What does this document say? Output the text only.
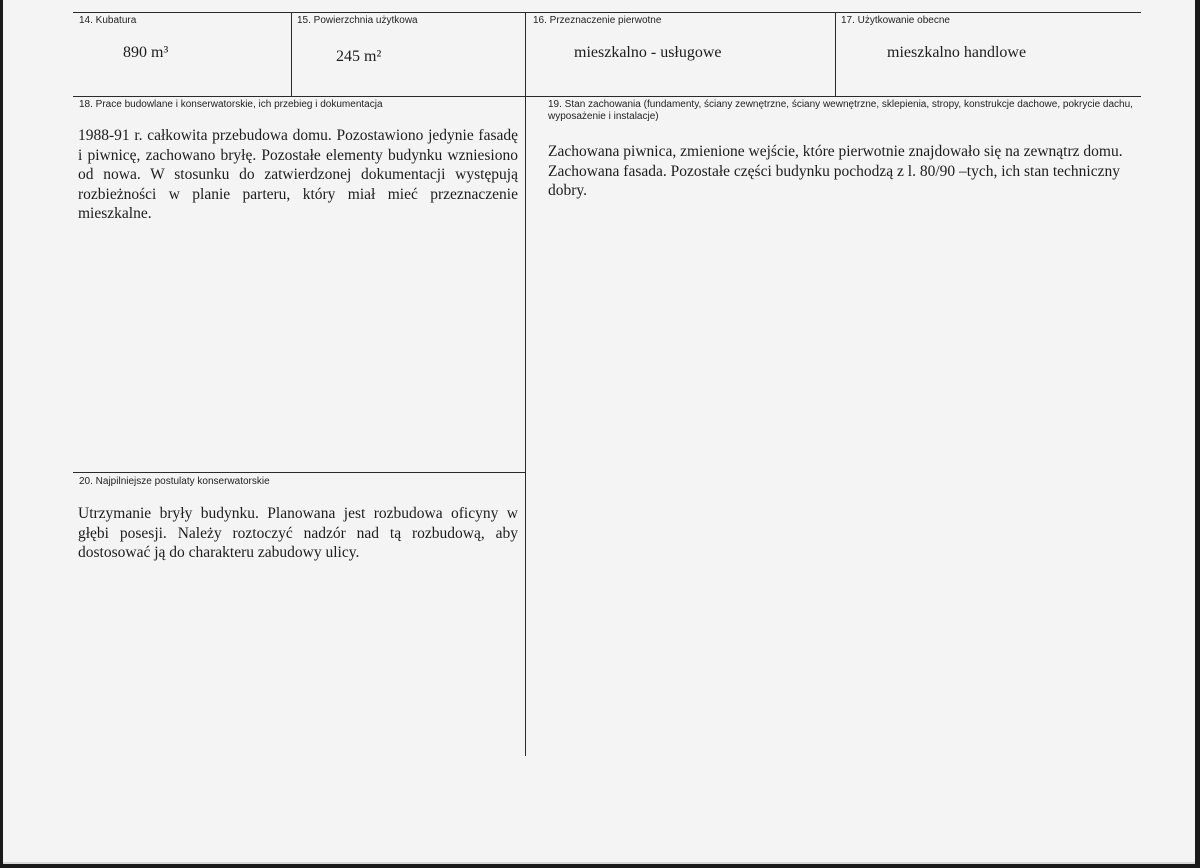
14. Kubatura
890 m³
15. Powierzchnia użytkowa
245 m²
16. Przeznaczenie pierwotne
mieszkalno - usługowe
17. Użytkowanie obecne
mieszkalno handlowe
18. Prace budowlane i konserwatorskie, ich przebieg i dokumentacja
1988-91 r. całkowita przebudowa domu. Pozostawiono jedynie fasadę i piwnicę, zachowano bryłę. Pozostałe elementy budynku wzniesiono od nowa. W stosunku do zatwierdzonej dokumentacji występują rozbieżności w planie parteru, który miał mieć przeznaczenie mieszkalne.
19. Stan zachowania (fundamenty, ściany zewnętrzne, ściany wewnętrzne, sklepienia, stropy, konstrukcje dachowe, pokrycie dachu, wyposażenie i instalacje)
Zachowana piwnica, zmienione wejście, które pierwotnie znajdowało się na zewnątrz domu. Zachowana fasada. Pozostałe części budynku pochodzą z l. 80/90 –tych, ich stan techniczny dobry.
20. Najpilniejsze postulaty konserwatorskie
Utrzymanie bryły budynku. Planowana jest rozbudowa oficyny w głębi posesji. Należy roztoczyć nadzór nad tą rozbudową, aby dostosować ją do charakteru zabudowy ulicy.
